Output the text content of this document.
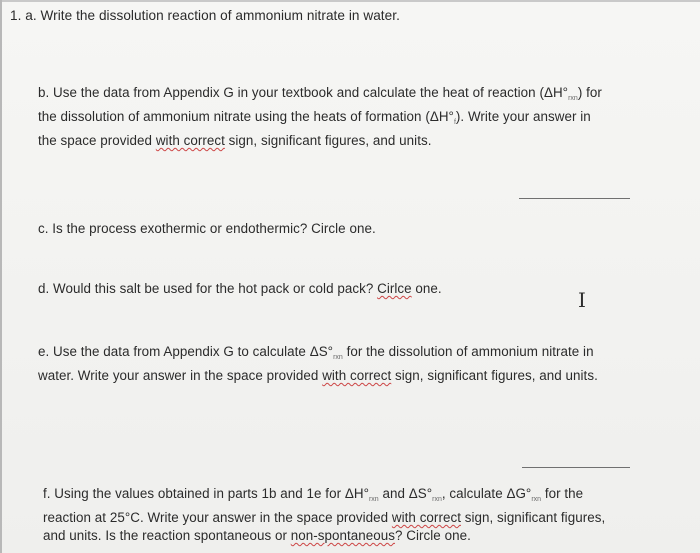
1. a. Write the dissolution reaction of ammonium nitrate in water.

b. Use the data from Appendix G in your textbook and calculate the heat of reaction $(\Delta H^\circ_{rxn})$ for
the dissolution of ammonium nitrate using the heats of formation $(\Delta H^\circ_f)$. Write your answer in
the space provided with correct sign, significant figures, and units.

c. Is the process exothermic or endothermic? Circle one.

d. Would this salt be used for the hot pack or cold pack? Cirlce one.	I
e. Use the data from Appendix G to calculate $\Delta S^\circ_{rxn}$ for the dissolution of ammonium nitrate in
water. Write your answer in the space provided with correct sign, significant figures, and units.
f. Using the values obtained in parts 1b and 1e for $\Delta H^\circ_{rxn}$ and $\Delta S^\circ_{rxn}$, calculate $\Delta G^\circ_{rxn}$ for the
reaction at 25°C. Write your answer in the space provided with correct sign, significant figures,
and units. Is the reaction spontaneous or non-spontaneous? Circle one.
